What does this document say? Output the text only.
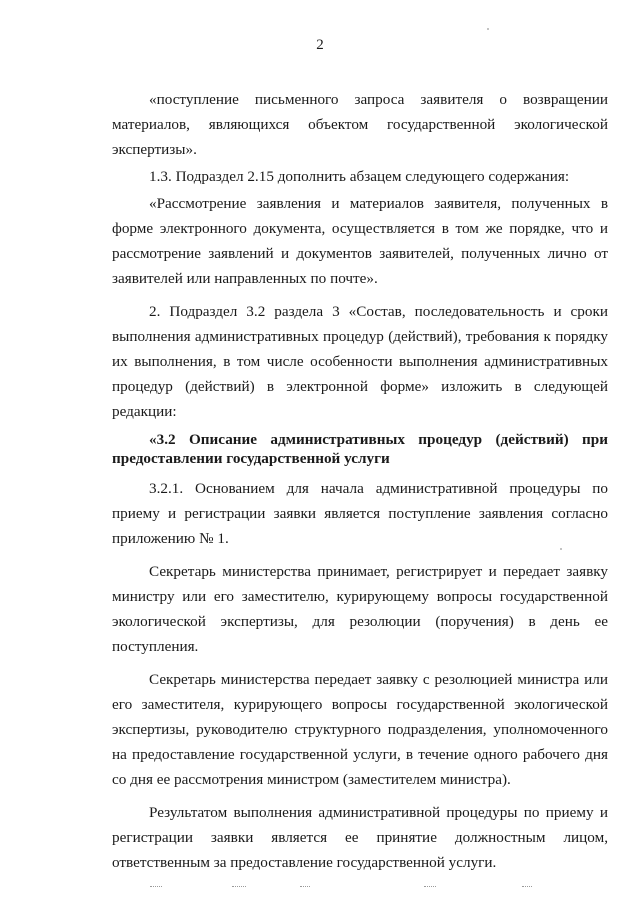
2

«поступление письменного запроса заявителя о возвращении материалов, являющихся объектом государственной экологической экспертизы».

1.3. Подраздел 2.15 дополнить абзацем следующего содержания:

«Рассмотрение заявления и материалов заявителя, полученных в форме электронного документа, осуществляется в том же порядке, что и рассмотрение заявлений и документов заявителей, полученных лично от заявителей или направленных по почте».

2. Подраздел 3.2 раздела 3 «Состав, последовательность и сроки выполнения административных процедур (действий), требования к порядку их выполнения, в том числе особенности выполнения административных процедур (действий) в электронной форме» изложить в следующей редакции:

«3.2 Описание административных процедур (действий) при предоставлении государственной услуги

3.2.1. Основанием для начала административной процедуры по приему и регистрации заявки является поступление заявления согласно приложению № 1.

Секретарь министерства принимает, регистрирует и передает заявку министру или его заместителю, курирующему вопросы государственной экологической экспертизы, для резолюции (поручения) в день ее поступления.

Секретарь министерства передает заявку с резолюцией министра или его заместителя, курирующего вопросы государственной экологической экспертизы, руководителю структурного подразделения, уполномоченного на предоставление государственной услуги, в течение одного рабочего дня со дня ее рассмотрения министром (заместителем министра).

Результатом выполнения административной процедуры по приему и регистрации заявки является ее принятие должностным лицом, ответственным за предоставление государственной услуги.
